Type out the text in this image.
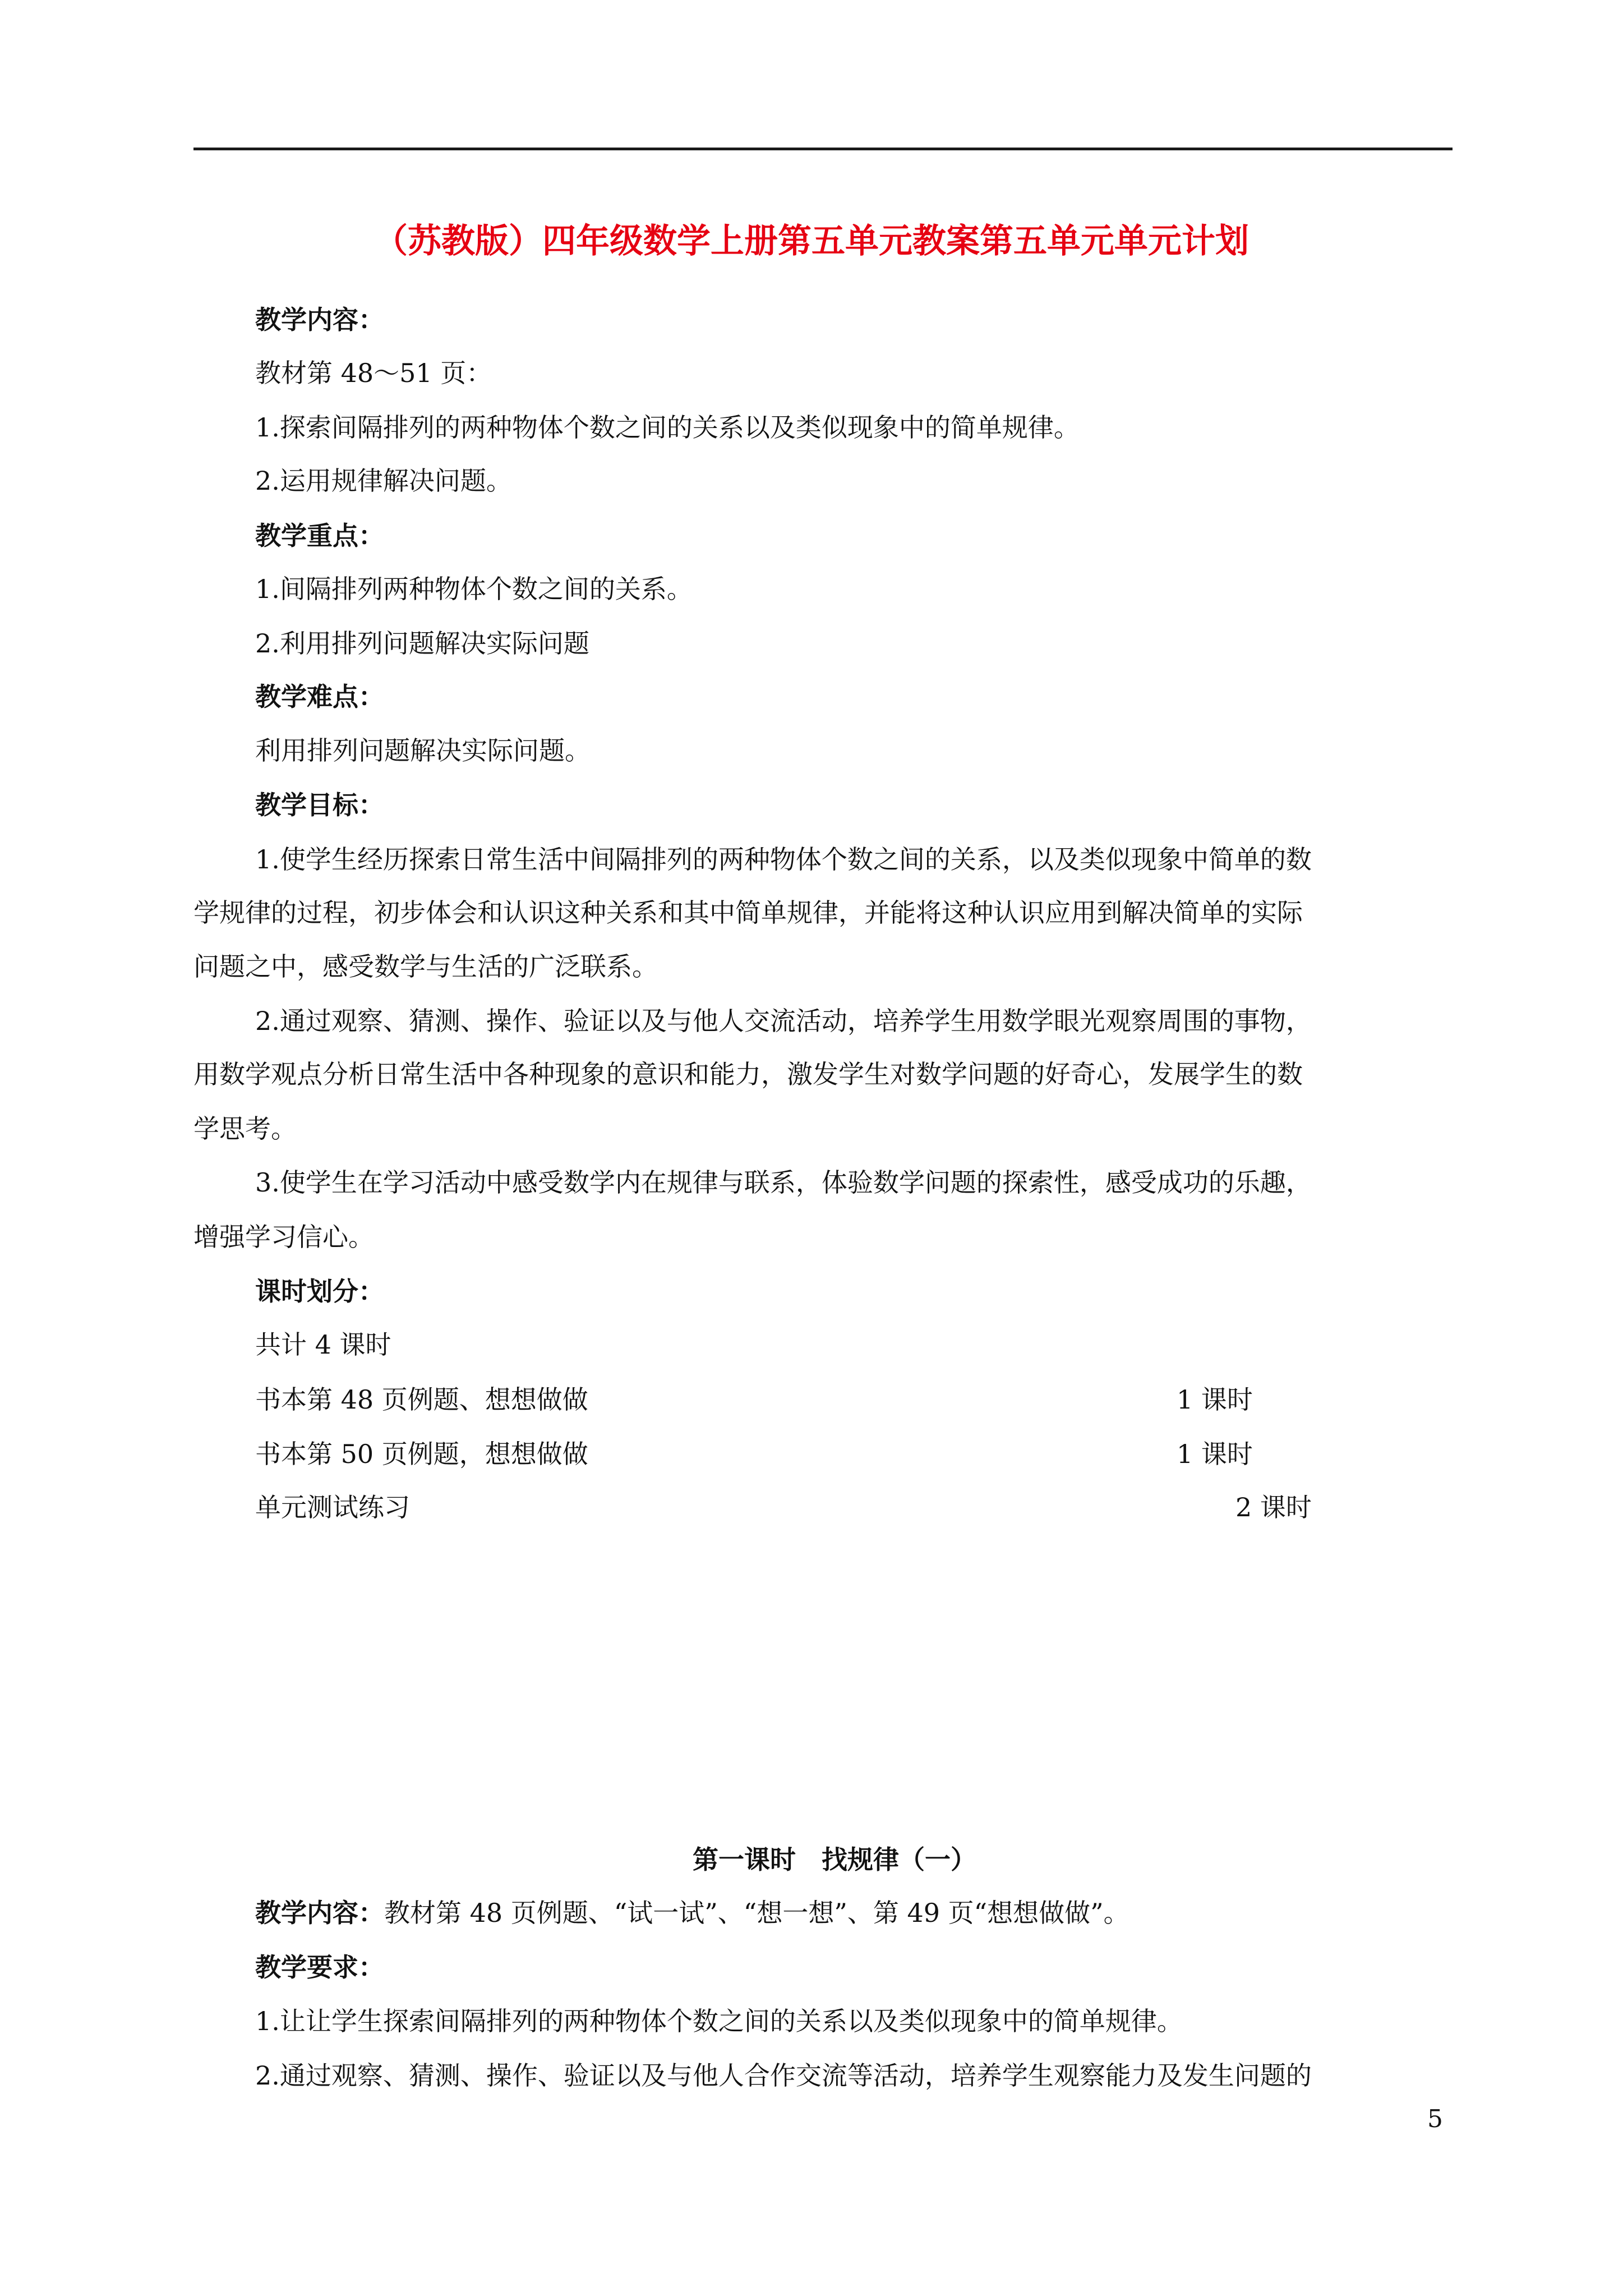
（苏教版）四年级数学上册第五单元教案第五单元单元计划
教学内容：
教材第 48～51 页：
1.探索间隔排列的两种物体个数之间的关系以及类似现象中的简单规律。
2.运用规律解决问题。
教学重点：
1.间隔排列两种物体个数之间的关系。
2.利用排列问题解决实际问题
教学难点：
利用排列问题解决实际问题。
教学目标：
1.使学生经历探索日常生活中间隔排列的两种物体个数之间的关系，以及类似现象中简单的数
学规律的过程，初步体会和认识这种关系和其中简单规律，并能将这种认识应用到解决简单的实际
问题之中，感受数学与生活的广泛联系。
2.通过观察、猜测、操作、验证以及与他人交流活动，培养学生用数学眼光观察周围的事物，
用数学观点分析日常生活中各种现象的意识和能力，激发学生对数学问题的好奇心，发展学生的数
学思考。
3.使学生在学习活动中感受数学内在规律与联系，体验数学问题的探索性，感受成功的乐趣，
增强学习信心。
课时划分：
共计 4 课时
书本第 48 页例题、想想做做	1 课时
书本第 50 页例题，想想做做	1 课时
单元测试练习	2 课时
第一课时　找规律（一）
教学内容：教材第 48 页例题、“试一试”、“想一想”、第 49 页“想想做做”。
教学要求：
1.让让学生探索间隔排列的两种物体个数之间的关系以及类似现象中的简单规律。
2.通过观察、猜测、操作、验证以及与他人合作交流等活动，培养学生观察能力及发生问题的
5
